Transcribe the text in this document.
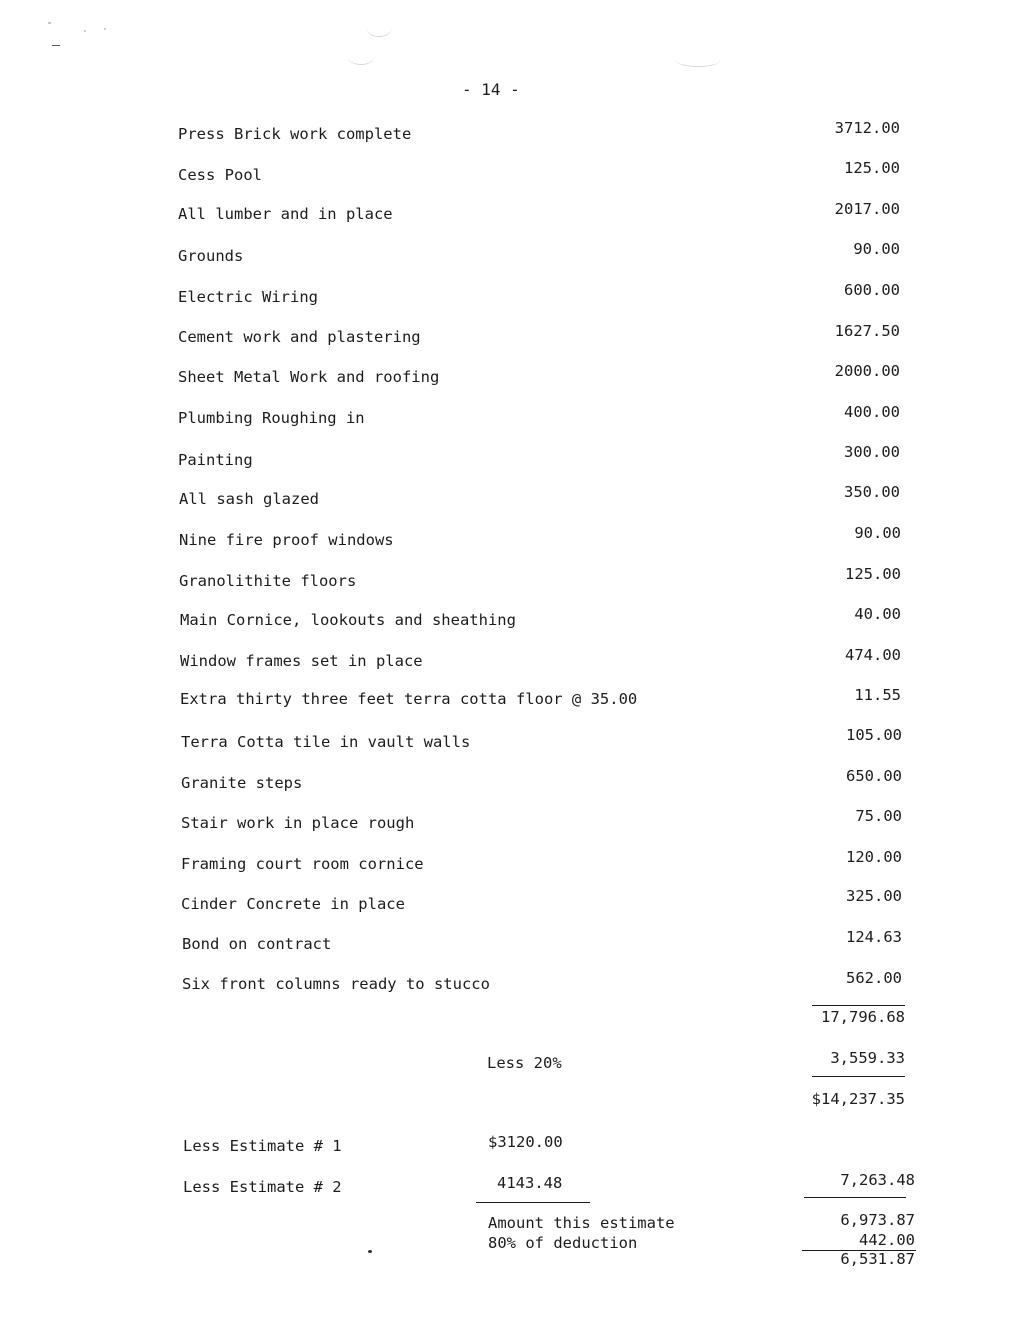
- 14 -
Press Brick work complete	3712.00
Cess Pool	125.00
All lumber and in place	2017.00
Grounds	90.00
Electric Wiring	600.00
Cement work and plastering	1627.50
Sheet Metal Work and roofing	2000.00
Plumbing Roughing in	400.00
Painting	300.00
All sash glazed	350.00
Nine fire proof windows	90.00
Granolithite floors	125.00
Main Cornice, lookouts and sheathing	40.00
Window frames set in place	474.00
Extra thirty three feet terra cotta floor @ 35.00	11.55
Terra Cotta tile in vault walls	105.00
Granite steps	650.00
Stair work in place rough	75.00
Framing court room cornice	120.00
Cinder Concrete in place	325.00
Bond on contract	124.63
Six front columns ready to stucco	562.00
17,796.68
Less 20%	3,559.33
$14,237.35
Less Estimate # 1	$3120.00
Less Estimate # 2	4143.48	7,263.48
Amount this estimate	6,973.87
80% of deduction	442.00
6,531.87
